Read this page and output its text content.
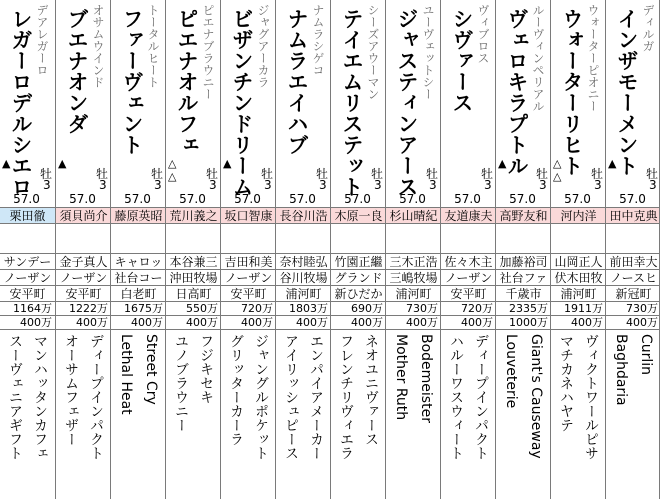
レガーロデルシエロ デアレガーロ
▲
牡
3
57.0
栗田徹
サンデー
ノーザン
安平町
1164万
400万
スーヴェニアギフト マンハッタンカフェ
ブエナオンダ オサムウインド
▲
牡
3
57.0
須貝尚介
金子真人
ノーザン
安平町
1222万
400万
オーサムフェザー ディープインパクト
ファーヴェント トータルヒート
牡
3
57.0
藤原英昭
キャロッ
社台コー
白老町
1675万
400万
Lethal Heat Street Cry
ピエナオルフェ ピエナブラウニー
△
△ 牡
3
57.0
荒川義之
本谷兼三
沖田牧場
日高町
550万
400万
ユノブラウニー フジキセキ
ビザンチンドリーム ジャグアーカラ
▲
牡
3
57.0
坂口智康
吉田和美
ノーザン
安平町
720万
400万
グリッターカーラ ジャングルポケット
ナムラエイハブ ナムラシゲコ
牡
3
57.0
長谷川浩
奈村睦弘
谷川牧場
浦河町
1803万
400万
アイリッシュピース エンパイアメーカー
テイエムリステット シーズアウーマン
牡
3
57.0
木原一良
竹園正繼
グランド
新ひだか
690万
400万
フレンチリヴィエラ ネオユニヴァース
ジャスティンアース ユーヴェットシー
牡
3
57.0
杉山晴紀
三木正浩
三嶋牧場
浦河町
730万
400万
Mother Ruth Bodemeister
シヴァース ヴィブロス
牡
3
57.0
友道康夫
佐々木主
ノーザン
安平町
720万
400万
ハルーワスウィート ディープインパクト
ヴェロキラプトル ルーヴィンペリアル
▲
牡
3
57.0
高野友和
加藤裕司
社台ファ
千歳市
2335万
1000万
Louveterie Giant's Causeway
ウォーターリヒト ウォーターピオニー
△
△ 牡
3
57.0
河内洋
山岡正人
伏木田牧
浦河町
1911万
400万
マチカネハヤテ ヴィクトワールピサ
インザモーメント ディルガ
▲
牡
3
57.0
田中克典
前田幸大
ノースヒ
新冠町
730万
400万
Baghdaria Curlin
